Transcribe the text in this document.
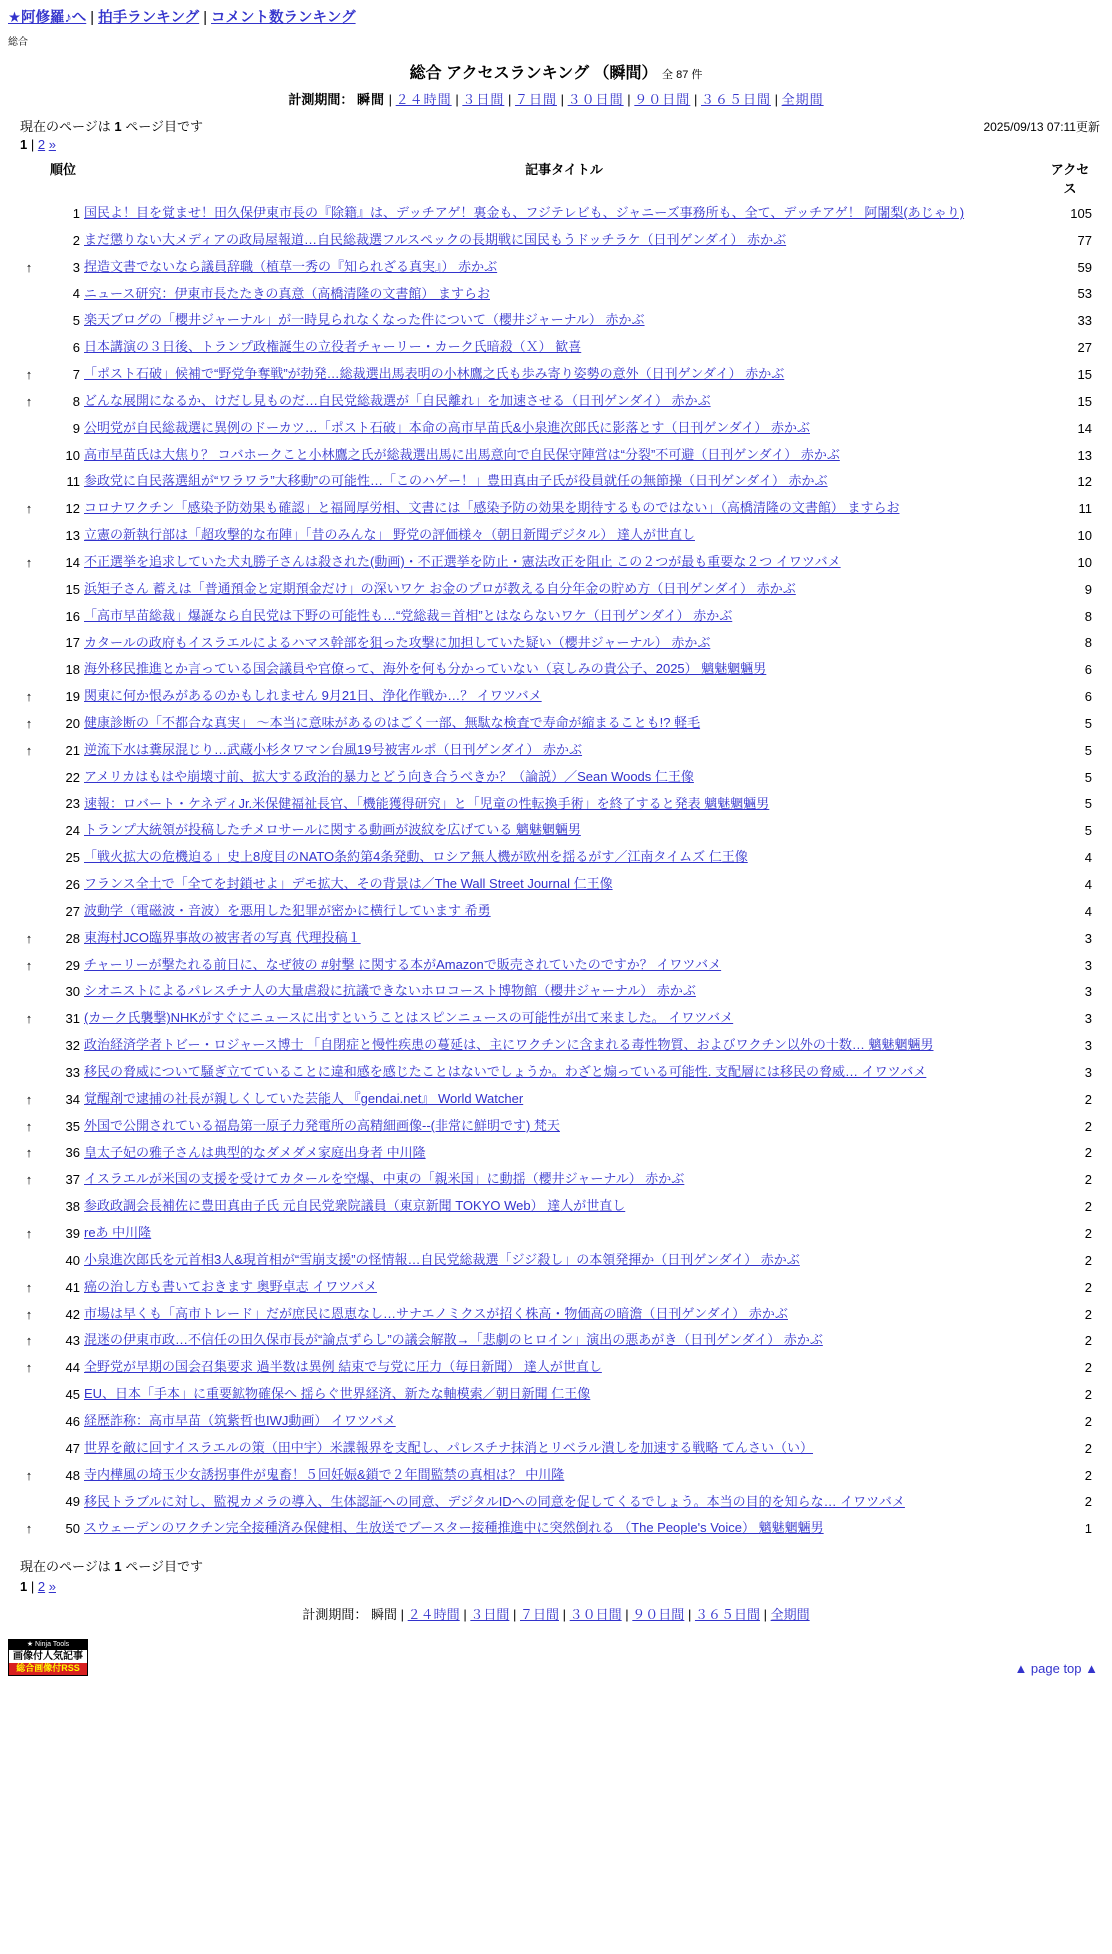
★阿修羅♪へ | 拍手ランキング | コメント数ランキング
総合
総合 アクセスランキング （瞬間） 全 87 件
計測期間： 瞬間 | ２４時間 | ３日間 | ７日間 | ３０日間 | ９０日間 | ３６５日間 | 全期間
現在のページは 1 ページ目です	2025/09/13 07:11更新
1 | 2 »
	順位	記事タイトル	アクセス
	1	国民よ！目を覚ませ！田久保伊東市長の『除籍』は、デッチアゲ！裏金も、フジテレビも、ジャニーズ事務所も、全て、デッチアゲ！ 阿闍梨(あじゃり)	105
	2	まだ懲りない大メディアの政局屋報道…自民総裁選フルスペックの長期戦に国民もうドッチラケ（日刊ゲンダイ） 赤かぶ	77
↑	3	捏造文書でないなら議員辞職（植草一秀の『知られざる真実』） 赤かぶ	59
	4	ニュース研究：伊東市長たたきの真意（高橋清隆の文書館） ますらお	53
	5	楽天ブログの「櫻井ジャーナル」が一時見られなくなった件について（櫻井ジャーナル） 赤かぶ	33
	6	日本講演の３日後、トランプ政権誕生の立役者チャーリー・カーク氏暗殺（Ｘ） 歓喜	27
↑	7	「ポスト石破」候補で“野党争奪戦”が勃発…総裁選出馬表明の小林鷹之氏も歩み寄り姿勢の意外（日刊ゲンダイ） 赤かぶ	15
↑	8	どんな展開になるか、けだし見ものだ…自民党総裁選が「自民離れ」を加速させる（日刊ゲンダイ） 赤かぶ	15
	9	公明党が自民総裁選に異例のドーカツ…「ポスト石破」本命の高市早苗氏&小泉進次郎氏に影落とす（日刊ゲンダイ） 赤かぶ	14
	10	高市早苗氏は大焦り？ コバホークこと小林鷹之氏が総裁選出馬に出馬意向で自民保守陣営は“分裂”不可避（日刊ゲンダイ） 赤かぶ	13
	11	参政党に自民落選組が“ワラワラ”大移動”の可能性…「このハゲー！」豊田真由子氏が役員就任の無節操（日刊ゲンダイ） 赤かぶ	12
↑	12	コロナワクチン「感染予防効果も確認」と福岡厚労相、文書には「感染予防の効果を期待するものではない」（高橋清隆の文書館） ますらお	11
	13	立憲の新執行部は「超攻撃的な布陣」「昔のみんな」 野党の評価様々（朝日新聞デジタル） 達人が世直し	10
↑	14	不正選挙を追求していた犬丸勝子さんは殺された(動画)・不正選挙を防止・憲法改正を阻止 この２つが最も重要な２つ イワツバメ	10
	15	浜矩子さん 蓄えは「普通預金と定期預金だけ」の深いワケ お金のプロが教える自分年金の貯め方（日刊ゲンダイ） 赤かぶ	9
	16	「高市早苗総裁」爆誕なら自民党は下野の可能性も…“党総裁＝首相”とはならないワケ（日刊ゲンダイ） 赤かぶ	8
	17	カタールの政府もイスラエルによるハマス幹部を狙った攻撃に加担していた疑い（櫻井ジャーナル） 赤かぶ	8
	18	海外移民推進とか言っている国会議員や官僚って、海外を何も分かっていない（哀しみの貴公子、2025） 魑魅魍魎男	6
↑	19	関東に何か恨みがあるのかもしれません 9月21日、浄化作戦か…？ イワツバメ	6
↑	20	健康診断の「不都合な真実」 ～本当に意味があるのはごく一部、無駄な検査で寿命が縮まることも!? 軽毛	5
↑	21	逆流下水は糞尿混じり…武蔵小杉タワマン台風19号被害ルポ（日刊ゲンダイ） 赤かぶ	5
	22	アメリカはもはや崩壊寸前、拡大する政治的暴力とどう向き合うべきか？（論説）／Sean Woods 仁王像	5
	23	速報：ロバート・ケネディJr.米保健福祉長官、「機能獲得研究」と「児童の性転換手術」を終了すると発表 魑魅魍魎男	5
	24	トランプ大統領が投稿したチメロサールに関する動画が波紋を広げている 魑魅魍魎男	5
	25	「戦火拡大の危機迫る」史上8度目のNATO条約第4条発動、ロシア無人機が欧州を揺るがす／江南タイムズ 仁王像	4
	26	フランス全土で「全てを封鎖せよ」デモ拡大、その背景は／The Wall Street Journal 仁王像	4
	27	波動学（電磁波・音波）を悪用した犯罪が密かに横行しています 希勇	4
↑	28	東海村JCO臨界事故の被害者の写真 代理投稿１	3
↑	29	チャーリーが撃たれる前日に、なぜ彼の #射撃 に関する本がAmazonで販売されていたのですか？ イワツバメ	3
	30	シオニストによるパレスチナ人の大量虐殺に抗議できないホロコースト博物館（櫻井ジャーナル） 赤かぶ	3
↑	31	(カーク氏襲撃)NHKがすぐにニュースに出すということはスピンニュースの可能性が出て来ました。 イワツバメ	3
	32	政治経済学者トビー・ロジャース博士 「自閉症と慢性疾患の蔓延は、主にワクチンに含まれる毒性物質、およびワクチン以外の十数… 魑魅魍魎男	3
	33	移民の脅威について騒ぎ立てていることに違和感を感じたことはないでしょうか。わざと煽っている可能性. 支配層には移民の脅威… イワツバメ	3
↑	34	覚醒剤で逮捕の社長が親しくしていた芸能人 『gendai.net』 World Watcher	2
↑	35	外国で公開されている福島第一原子力発電所の高精細画像--(非常に鮮明です) 梵天	2
↑	36	皇太子妃の雅子さんは典型的なダメダメ家庭出身者 中川隆	2
↑	37	イスラエルが米国の支援を受けてカタールを空爆、中東の「親米国」に動揺（櫻井ジャーナル） 赤かぶ	2
	38	参政政調会長補佐に豊田真由子氏 元自民党衆院議員（東京新聞 TOKYO Web） 達人が世直し	2
↑	39	reあ 中川隆	2
	40	小泉進次郎氏を元首相3人&現首相が“雪崩支援”の怪情報…自民党総裁選「ジジ殺し」の本領発揮か（日刊ゲンダイ） 赤かぶ	2
↑	41	癌の治し方も書いておきます 奥野卓志 イワツバメ	2
↑	42	市場は早くも「高市トレード」だが庶民に恩恵なし…サナエノミクスが招く株高・物価高の暗澹（日刊ゲンダイ） 赤かぶ	2
↑	43	混迷の伊東市政…不信任の田久保市長が“論点ずらし”の議会解散→「悲劇のヒロイン」演出の悪あがき（日刊ゲンダイ） 赤かぶ	2
↑	44	全野党が早期の国会召集要求 過半数は異例 結束で与党に圧力（毎日新聞） 達人が世直し	2
	45	EU、日本「手本」に重要鉱物確保へ 揺らぐ世界経済、新たな軸模索／朝日新聞 仁王像	2
	46	経歴詐称：高市早苗（筑紫哲也IWJ動画） イワツバメ	2
	47	世界を敵に回すイスラエルの策（田中宇）米諜報界を支配し、パレスチナ抹消とリベラル潰しを加速する戦略 てんさい（い）	2
↑	48	寺内樺風の埼玉少女誘拐事件が鬼畜！５回妊娠&鎖で２年間監禁の真相は？ 中川隆	2
	49	移民トラブルに対し、監視カメラの導入、生体認証への同意、デジタルIDへの同意を促してくるでしょう。本当の目的を知らな… イワツバメ	2
↑	50	スウェーデンのワクチン完全接種済み保健相、生放送でブースター接種推進中に突然倒れる （The People's Voice） 魑魅魍魎男	1
現在のページは 1 ページ目です
1 | 2 »
計測期間： 瞬間 | ２４時間 | ３日間 | ７日間 | ３０日間 | ９０日間 | ３６５日間 | 全期間
★ Ninja Tools
画像付人気記事
総合画像付RSS	▲ page top ▲
